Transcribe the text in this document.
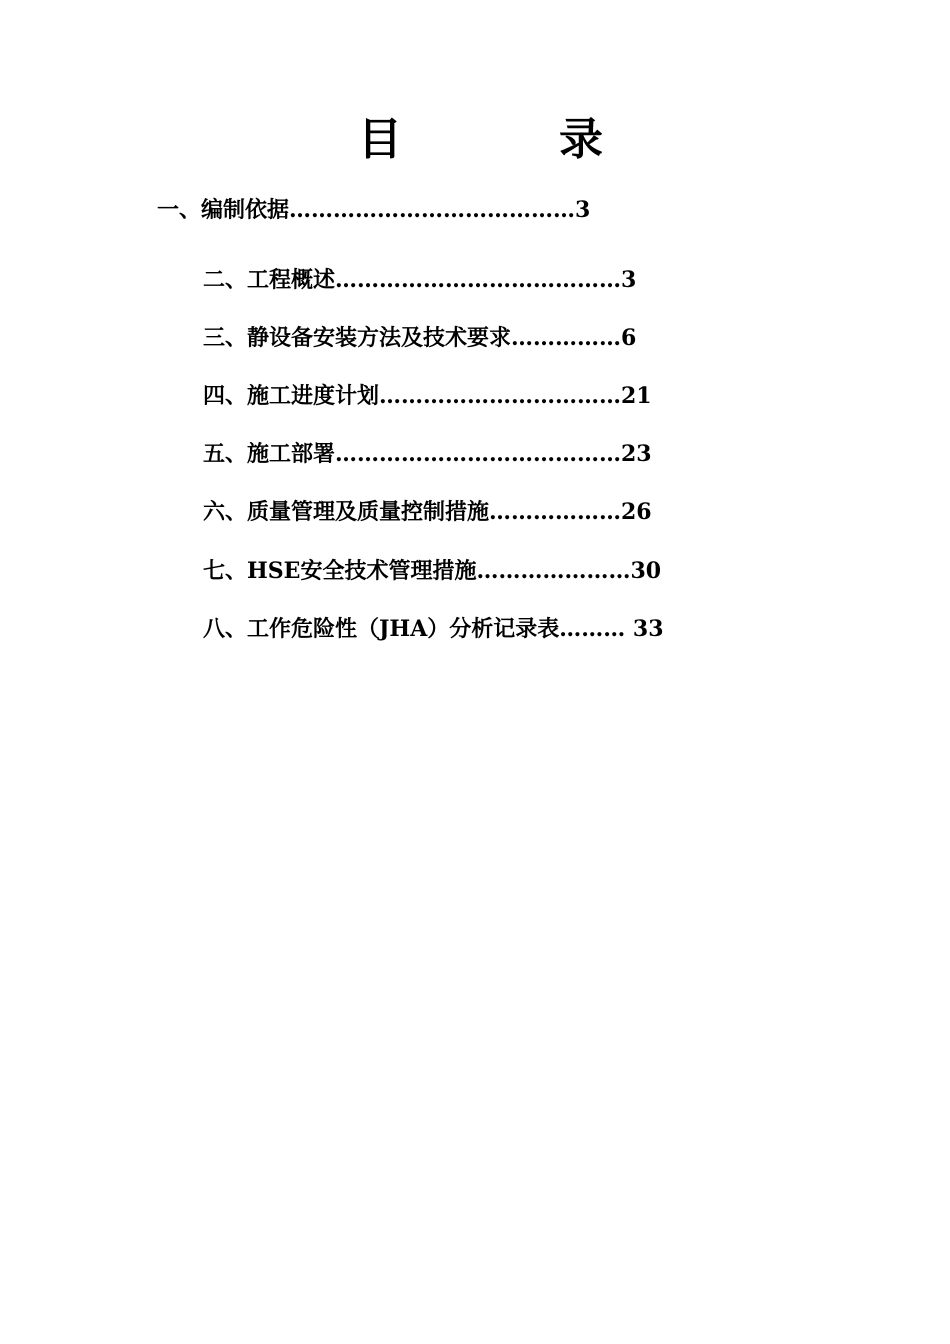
目	录
一、编制依据…………………………………3
二、工程概述…………………………………3
三、静设备安装方法及技术要求……………6
四、施工进度计划……………………………21
五、施工部署…………………………………23
六、质量管理及质量控制措施………………26
七、HSE安全技术管理措施…………………30
八、工作危险性（JHA）分析记录表……… 33
